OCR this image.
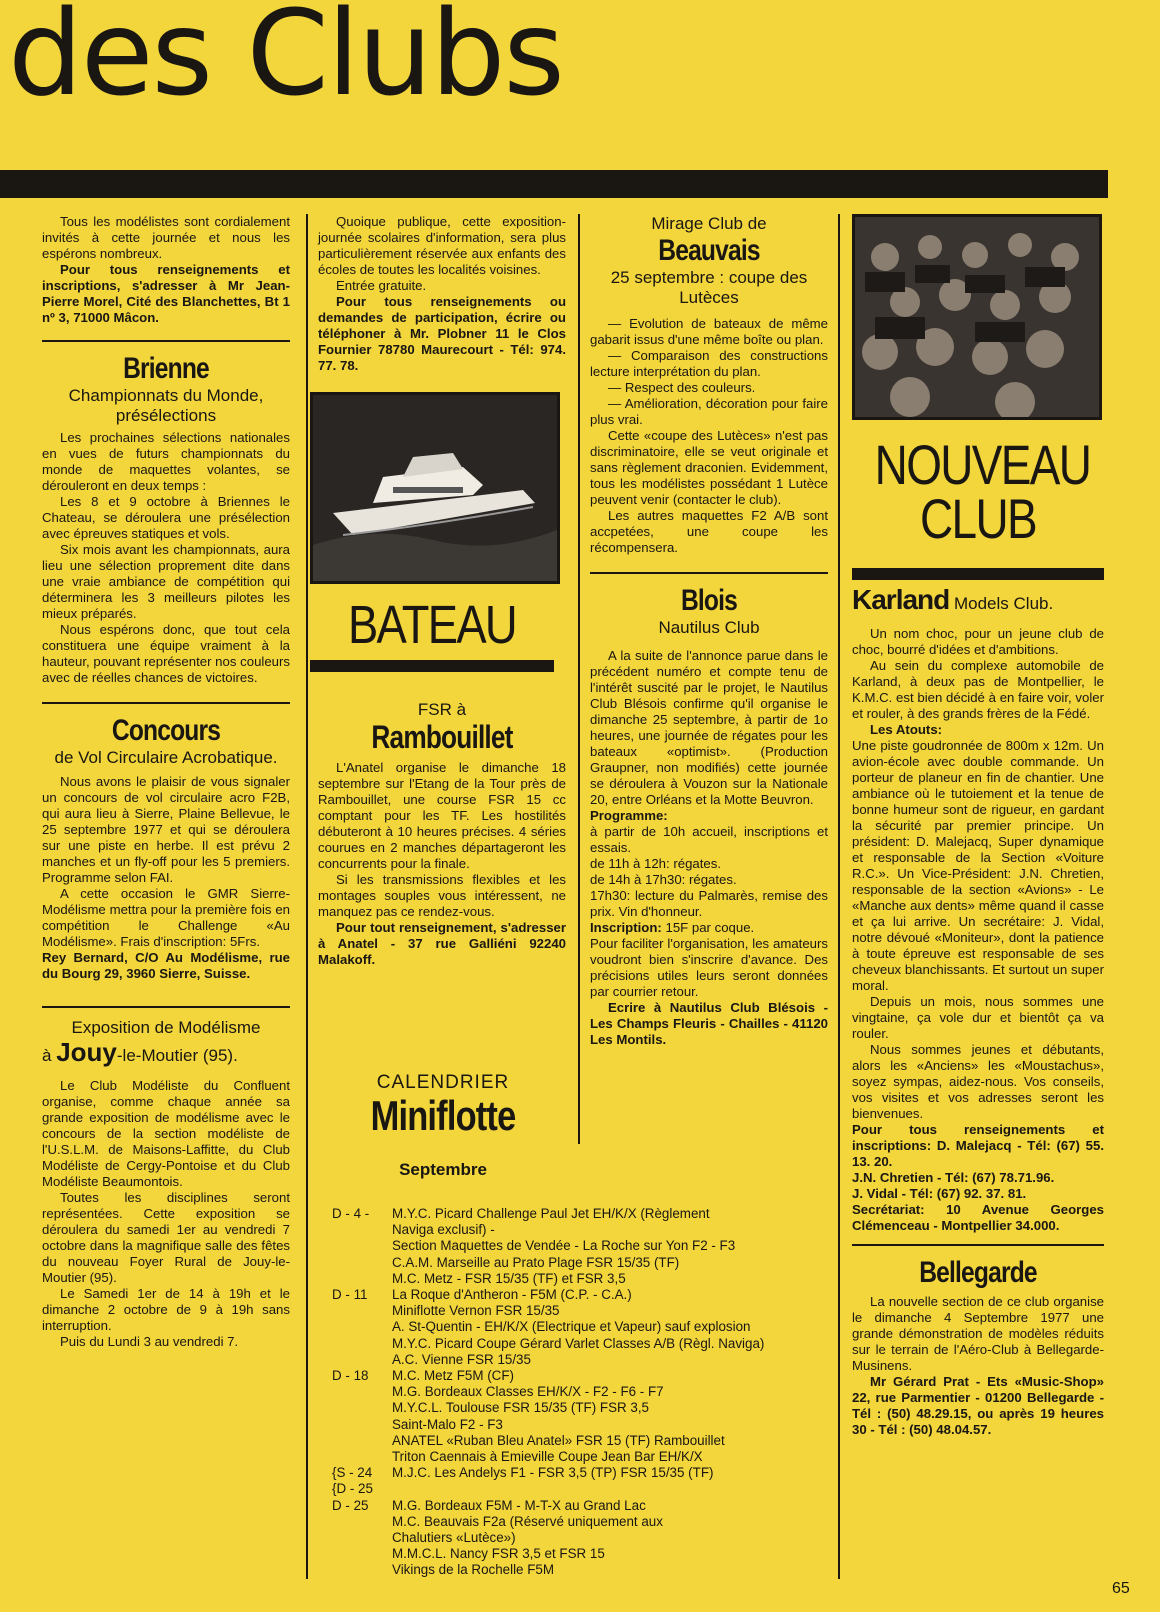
des Clubs

Tous les modélistes sont cordialement invités à cette journée et nous les espérons nombreux.

Pour tous renseignements et inscriptions, s'adresser à Mr Jean-Pierre Morel, Cité des Blanchettes, Bt 1 nº 3, 71000 Mâcon.

Brienne
Championnats du Monde, présélections

Les prochaines sélections nationales en vues de futurs championnats du monde de maquettes volantes, se dérouleront en deux temps :

Les 8 et 9 octobre à Briennes le Chateau, se déroulera une présélection avec épreuves statiques et vols.

Six mois avant les championnats, aura lieu une sélection proprement dite dans une vraie ambiance de compétition qui déterminera les 3 meilleurs pilotes les mieux préparés.

Nous espérons donc, que tout cela constituera une équipe vraiment à la hauteur, pouvant représenter nos couleurs avec de réelles chances de victoires.

Concours
de Vol Circulaire Acrobatique.

Nous avons le plaisir de vous signaler un concours de vol circulaire acro F2B, qui aura lieu à Sierre, Plaine Bellevue, le 25 septembre 1977 et qui se déroulera sur une piste en herbe. Il est prévu 2 manches et un fly-off pour les 5 premiers. Programme selon FAI.

A cette occasion le GMR Sierre-Modélisme mettra pour la première fois en compétition le Challenge «Au Modélisme». Frais d'inscription: 5Frs.

Rey Bernard, C/O Au Modélisme, rue du Bourg 29, 3960 Sierre, Suisse.

Exposition de Modélisme
à Jouy-le-Moutier (95).

Le Club Modéliste du Confluent organise, comme chaque année sa grande exposition de modélisme avec le concours de la section modéliste de l'U.S.L.M. de Maisons-Laffitte, du Club Modéliste de Cergy-Pontoise et du Club Modéliste Beaumontois.

Toutes les disciplines seront représentées. Cette exposition se déroulera du samedi 1er au vendredi 7 octobre dans la magnifique salle des fêtes du nouveau Foyer Rural de Jouy-le-Moutier (95).

Le Samedi 1er de 14 à 19h et le dimanche 2 octobre de 9 à 19h sans interruption.

Puis du Lundi 3 au vendredi 7.

Quoique publique, cette exposition-journée scolaires d'information, sera plus particulièrement réservée aux enfants des écoles de toutes les localités voisines.

Entrée gratuite.

Pour tous renseignements ou demandes de participation, écrire ou téléphoner à Mr. Plobner 11 le Clos Fournier 78780 Maurecourt - Tél: 974. 77. 78.

BATEAU
FSR à
Rambouillet

L'Anatel organise le dimanche 18 septembre sur l'Etang de la Tour près de Rambouillet, une course FSR 15 cc comptant pour les TF. Les hostilités débuteront à 10 heures précises. 4 séries courues en 2 manches départageront les concurrents pour la finale.

Si les transmissions flexibles et les montages souples vous intéressent, ne manquez pas ce rendez-vous.

Pour tout renseignement, s'adresser à Anatel - 37 rue Galliéni 92240 Malakoff.

Mirage Club de
Beauvais
25 septembre : coupe des Lutèces

— Evolution de bateaux de même gabarit issus d'une même boîte ou plan.

— Comparaison des constructions lecture interprétation du plan.

— Respect des couleurs.

— Amélioration, décoration pour faire plus vrai.

Cette «coupe des Lutèces» n'est pas discriminatoire, elle se veut originale et sans règlement draconien. Evidemment, tous les modélistes possédant 1 Lutèce peuvent venir (contacter le club).

Les autres maquettes F2 A/B sont accpetées, une coupe les récompensera.

Blois
Nautilus Club

A la suite de l'annonce parue dans le précédent numéro et compte tenu de l'intérêt suscité par le projet, le Nautilus Club Blésois confirme qu'il organise le dimanche 25 septembre, à partir de 1o heures, une journée de régates pour les bateaux «optimist». (Production Graupner, non modifiés) cette journée se déroulera à Vouzon sur la Nationale 20, entre Orléans et la Motte Beuvron.

Programme:

à partir de 10h accueil, inscriptions et essais.

de 11h à 12h: régates.

de 14h à 17h30: régates.

17h30: lecture du Palmarès, remise des prix. Vin d'honneur.

Inscription: 15F par coque.

Pour faciliter l'organisation, les amateurs voudront bien s'inscrire d'avance. Des précisions utiles leurs seront données par courrier retour.

Ecrire à Nautilus Club Blésois - Les Champs Fleuris - Chailles - 41120 Les Montils.

CALENDRIER
Miniflotte
Septembre
D - 4 -	M.Y.C. Picard Challenge Paul Jet EH/K/X (Règlement
Naviga exclusif) -
Section Maquettes de Vendée - La Roche sur Yon F2 - F3
C.A.M. Marseille au Prato Plage FSR 15/35 (TF)
M.C. Metz - FSR 15/35 (TF) et FSR 3,5
D - 11	La Roque d'Antheron - F5M (C.P. - C.A.)
Miniflotte Vernon FSR 15/35
A. St-Quentin - EH/K/X (Electrique et Vapeur) sauf explosion
M.Y.C. Picard Coupe Gérard Varlet Classes A/B (Règl. Naviga)
A.C. Vienne FSR 15/35
D - 18	M.C. Metz F5M (CF)
M.G. Bordeaux Classes EH/K/X - F2 - F6 - F7
M.Y.C.L. Toulouse FSR 15/35 (TF) FSR 3,5
Saint-Malo F2 - F3
ANATEL «Ruban Bleu Anatel» FSR 15 (TF) Rambouillet
Triton Caennais à Emieville Coupe Jean Bar EH/K/X
{S - 24	M.J.C. Les Andelys F1 - FSR 3,5 (TP) FSR 15/35 (TF)
{D - 25
D - 25	M.G. Bordeaux F5M - M-T-X au Grand Lac
M.C. Beauvais F2a (Réservé uniquement aux
Chalutiers «Lutèce»)
M.M.C.L. Nancy FSR 3,5 et FSR 15
Vikings de la Rochelle F5M
NOUVEAU
CLUB
Karland Models Club.

Un nom choc, pour un jeune club de choc, bourré d'idées et d'ambitions.

Au sein du complexe automobile de Karland, à deux pas de Montpellier, le K.M.C. est bien décidé à en faire voir, voler et rouler, à des grands frères de la Fédé.

Les Atouts:

Une piste goudronnée de 800m x 12m. Un avion-école avec double commande. Un porteur de planeur en fin de chantier. Une ambiance où le tutoiement et la tenue de bonne humeur sont de rigueur, en gardant la sécurité par premier principe. Un président: D. Malejacq, Super dynamique et responsable de la Section «Voiture R.C.». Un Vice-Président: J.N. Chretien, responsable de la section «Avions» - Le «Manche aux dents» même quand il casse et ça lui arrive. Un secrétaire: J. Vidal, notre dévoué «Moniteur», dont la patience à toute épreuve est responsable de ses cheveux blanchissants. Et surtout un super moral.

Depuis un mois, nous sommes une vingtaine, ça vole dur et bientôt ça va rouler.

Nous sommes jeunes et débutants, alors les «Anciens» les «Moustachus», soyez sympas, aidez-nous. Vos conseils, vos visites et vos adresses seront les bienvenues.

Pour tous renseignements et inscriptions: D. Malejacq - Tél: (67) 55. 13. 20.

J.N. Chretien - Tél: (67) 78.71.96.

J. Vidal - Tél: (67) 92. 37. 81.

Secrétariat: 10 Avenue Georges Clémenceau - Montpellier 34.000.

Bellegarde

La nouvelle section de ce club organise le dimanche 4 Septembre 1977 une grande démonstration de modèles réduits sur le terrain de l'Aéro-Club à Bellegarde-Musinens.

Mr Gérard Prat - Ets «Music-Shop» 22, rue Parmentier - 01200 Bellegarde - Tél : (50) 48.29.15, ou après 19 heures 30 - Tél : (50) 48.04.57.

65
